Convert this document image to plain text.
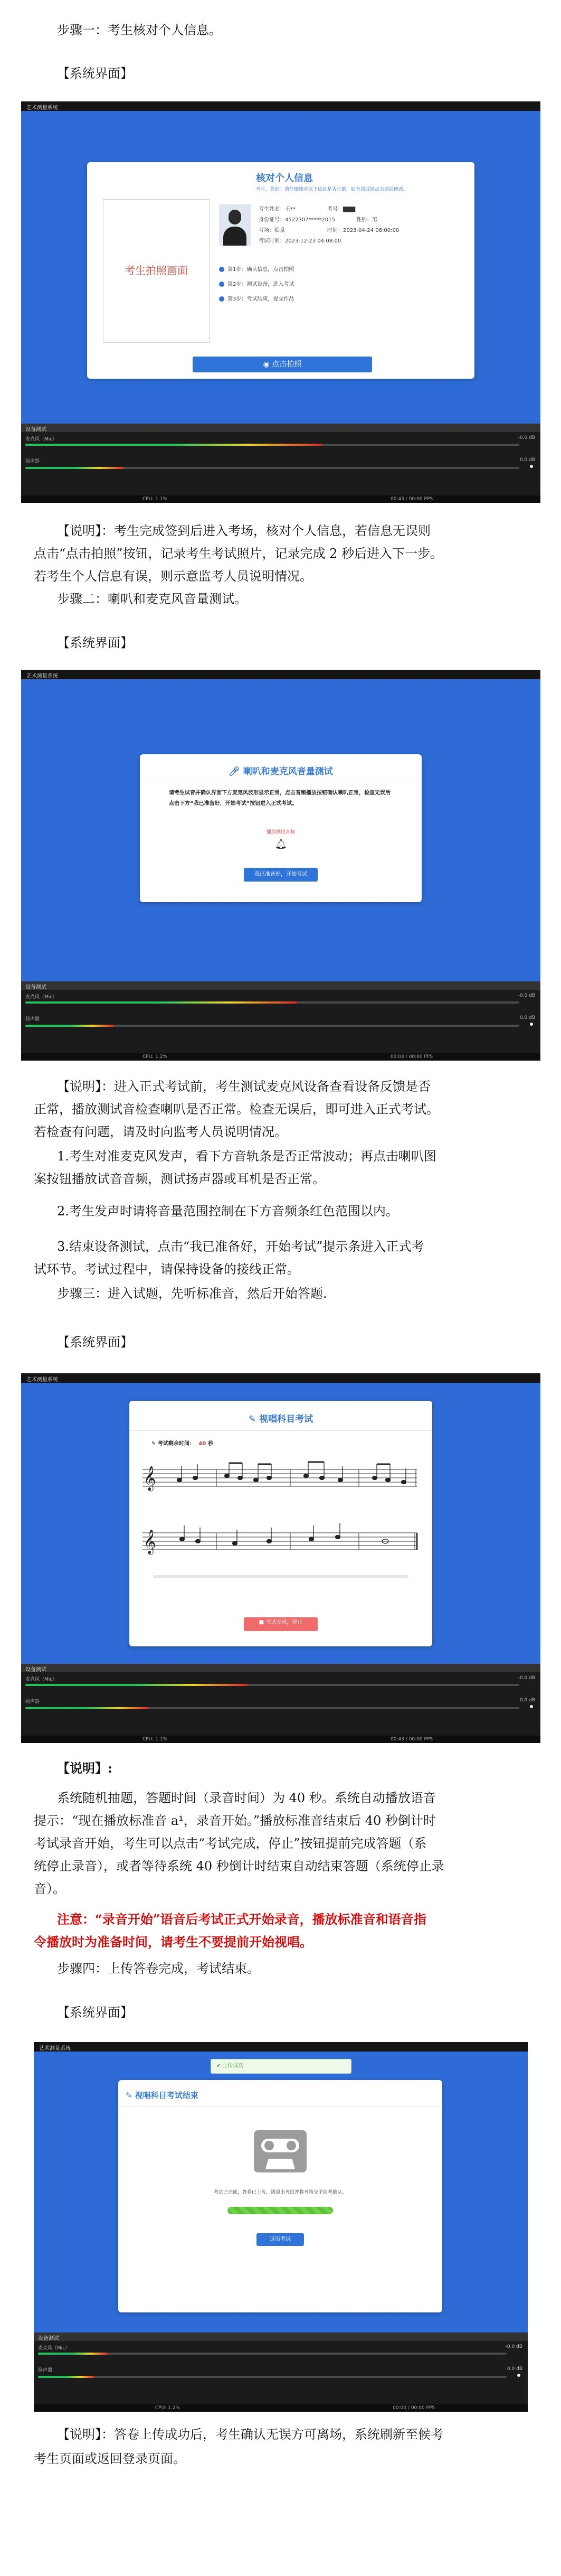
步骤一：考生核对个人信息。
【系统界面】
艺术测量系统
核对个人信息
考生，您好！请仔细核对以下信息是否正确，如有误或请点击返回修改。
考生拍照画面
考生姓名：王**	考号：▇▇▇
身份证号：4522307*****2015	性别：男
考场：临量	时间：2023-04-24 06:00:00
考试时间：2023-12-23 04:08:00
第1步：确认信息，点击拍照
第2步：测试设备，进入考试
第3步：考试结束，提交作品
◉ 点击拍照
设备测试
麦克风（Mic）	-0.0 dB
扬声器	0.0 dB
CPU: 1.1%	00:43 / 00:00 PPS
【说明】：考生完成签到后进入考场，核对个人信息，若信息无误则
点击“点击拍照”按钮，记录考生考试照片，记录完成 2 秒后进入下一步。
若考生个人信息有误，则示意监考人员说明情况。
步骤二：喇叭和麦克风音量测试。
【系统界面】
艺术测量系统
🎤︎ 喇叭和麦克风音量测试
请考生试音并确认界面下方麦克风波形显示正常，点击音频播放按钮确认喇叭正常，检查无误后点击下方“我已准备好，开始考试”按钮进入正式考试。
播放测试音频
🔔︎
我已准备好，开始考试
设备测试
麦克风（Mic）	-0.0 dB
扬声器	0.0 dB
CPU: 1.2%	00:00 / 00:00 PPS
【说明】：进入正式考试前，考生测试麦克风设备查看设备反馈是否
正常，播放测试音检查喇叭是否正常。检查无误后，即可进入正式考试。
若检查有问题，请及时向监考人员说明情况。
1.考生对准麦克风发声，看下方音轨条是否正常波动；再点击喇叭图
案按钮播放试音音频，测试扬声器或耳机是否正常。
2.考生发声时请将音量范围控制在下方音频条红色范围以内。
3.结束设备测试，点击“我已准备好，开始考试”提示条进入正式考
试环节。考试过程中，请保持设备的接线正常。
步骤三：进入试题，先听标准音，然后开始答题.
【系统界面】
艺术测量系统
✎ 视唱科目考试
✎ 考试剩余时间： 40 秒
𝄞
𝄞
■ 考试完成，停止
设备测试
麦克风（Mic）	-0.0 dB
扬声器	0.0 dB
CPU: 1.1%	00:43 / 00:00 PPS
【说明】:
系统随机抽题，答题时间（录音时间）为 40 秒。系统自动播放语音
提示：“现在播放标准音 a¹，录音开始。”播放标准音结束后 40 秒倒计时
考试录音开始，考生可以点击“考试完成，停止”按钮提前完成答题（系
统停止录音），或者等待系统 40 秒倒计时结束自动结束答题（系统停止录
音）。
注意：“录音开始”语音后考试正式开始录音，播放标准音和语音指
令播放时为准备时间，请考生不要提前开始视唱。
步骤四：上传答卷完成，考试结束。
【系统界面】
艺术测量系统
✔ 上传成功
✎ 视唱科目考试结束
考试已完成，答卷已上传，请退出考试并将考场交予监考确认。
退出考试
设备测试
麦克风（Mic）	-0.0 dB
扬声器	0.0 dB
CPU: 1.2%	00:00 / 00:00 PPS
【说明】：答卷上传成功后，考生确认无误方可离场，系统刷新至候考
考生页面或返回登录页面。
